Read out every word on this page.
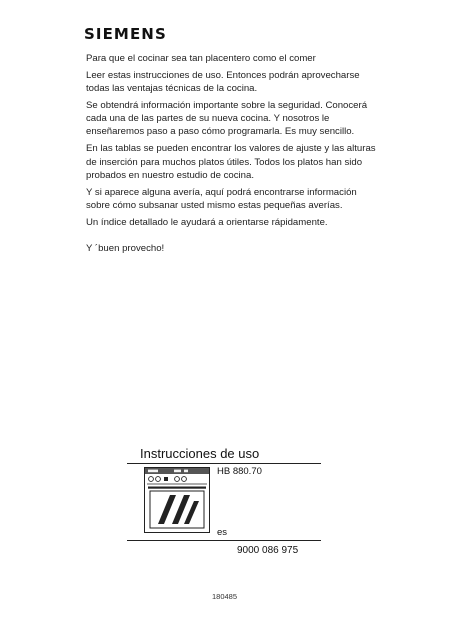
SIEMENS

Para que el cocinar sea tan placentero como el comer

Leer estas instrucciones de uso. Entonces podrán aprovecharse todas las ventajas técnicas de la cocina.

Se obtendrá información importante sobre la seguridad. Conocerá cada una de las partes de su nueva cocina. Y nosotros le enseñaremos paso a paso cómo programarla. Es muy sencillo.

En las tablas se pueden encontrar los valores de ajuste y las alturas de inserción para muchos platos útiles. Todos los platos han sido probados en nuestro estudio de cocina.

Y si aparece alguna avería, aquí podrá encontrarse información sobre cómo subsanar usted mismo estas pequeñas averías.

Un índice detallado le ayudará a orientarse rápidamente.

Y ´buen provecho!

Instrucciones de uso
HB 880.70
es
9000 086 975
180485
